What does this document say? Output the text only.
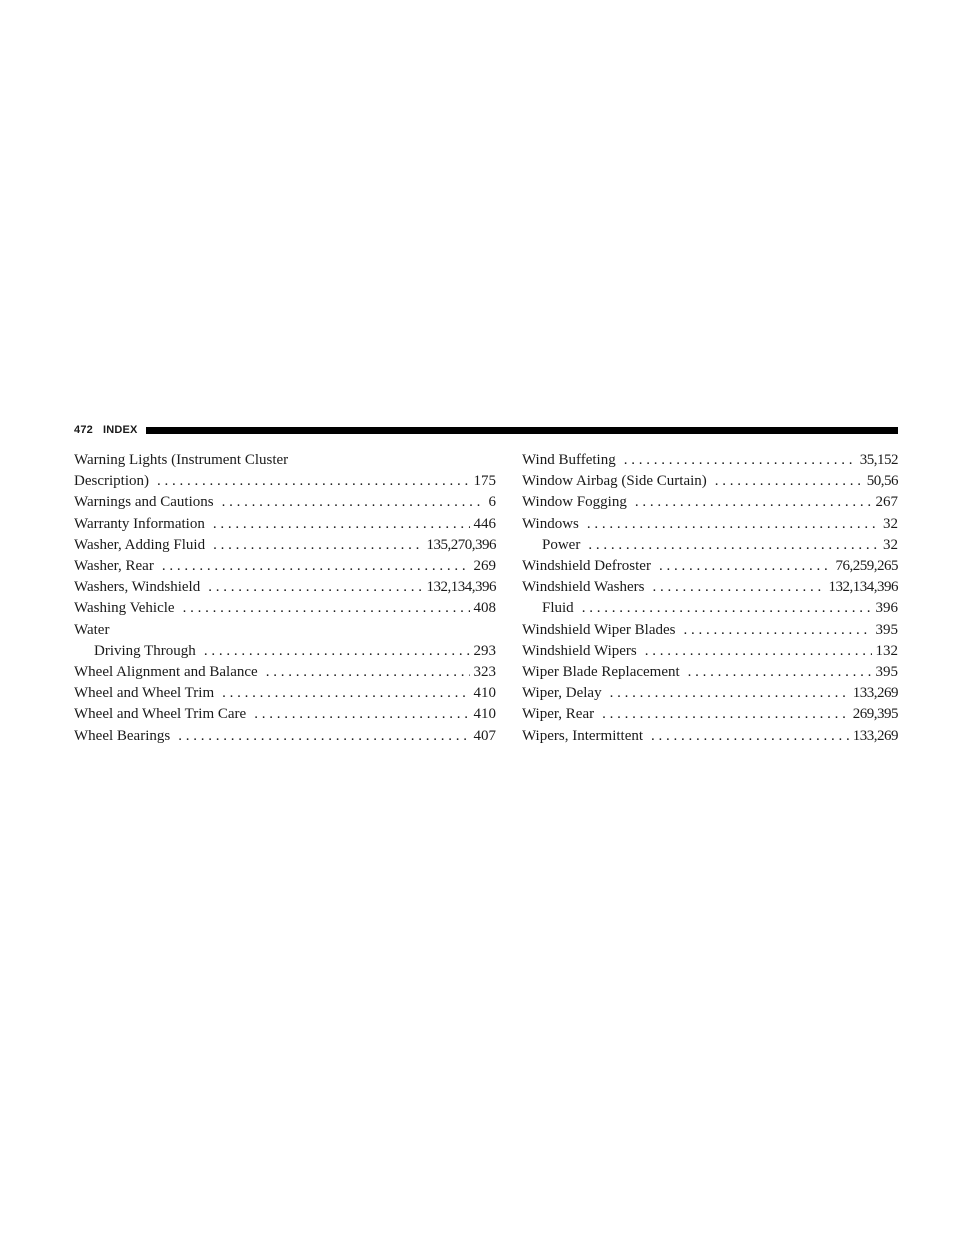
472 INDEX
Warning Lights (Instrument Cluster
Description) . . .	175
Warnings and Cautions . . .	6
Warranty Information . . .	446
Washer, Adding Fluid . . .	135,270,396
Washer, Rear . . .	269
Washers, Windshield . . .	132,134,396
Washing Vehicle . . .	408
Water
Driving Through . . .	293
Wheel Alignment and Balance . . .	323
Wheel and Wheel Trim . . .	410
Wheel and Wheel Trim Care . . .	410
Wheel Bearings . . .	407
Wind Buffeting . . .	35,152
Window Airbag (Side Curtain) . . .	50,56
Window Fogging . . .	267
Windows . . .	32
Power . . .	32
Windshield Defroster . . .	76,259,265
Windshield Washers . . .	132,134,396
Fluid . . .	396
Windshield Wiper Blades . . .	395
Windshield Wipers . . .	132
Wiper Blade Replacement . . .	395
Wiper, Delay . . .	133,269
Wiper, Rear . . .	269,395
Wipers, Intermittent . . .	133,269
